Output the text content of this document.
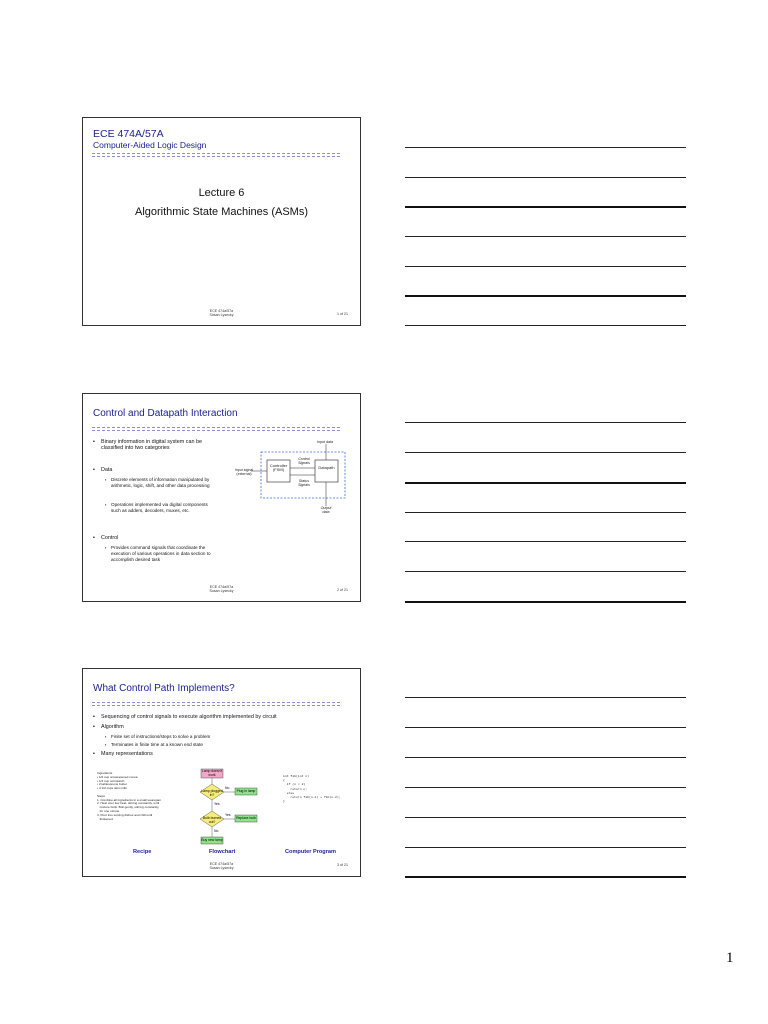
ECE 474A/57A
Computer-Aided Logic Design
Lecture 6
Algorithmic State Machines (ASMs)
ECE 474a/57a
Susan Lysecky	1 of 21
Control and Datapath Interaction
▪ Binary information in digital system can be classified into two categories
▪ Data
▪ Discrete elements of information manipulated by arithmetic, logic, shift, and other data processing
▪ Operations implemented via digital components such as adders, decoders, muxes, etc.
▪ Control
▪ Provides command signals that coordinate the execution of various operations in data section to accomplish desired task
Input data
Input signal (external)
Controller (FSM)	Datapath
Control Signals
Status Signals
Output data
ECE 474a/57a
Susan Lysecky	2 of 21
What Control Path Implements?
▪ Sequencing of control signals to execute algorithm implemented by circuit
▪ Algorithm
▪ Finite set of instructions/steps to solve a problem
▪ Terminates in finite time at a known end state
▪ Many representations
Ingredients
• 1/2 cup unsweetened cocoa
• 1/4 cup cornstarch
• 2 tablespoons butter
• 4 1/2 cups skim milk

Steps
1. Combine all ingredients in a small saucepan
2. Heat over low heat, stirring constantly, until
mixture boils. Boil gently, stirring constantly,
for one minute
3. Pour into serving dishes and chill until
thickened
Lamp doesn't work
Lamp plugged in?
Plug in lamp
Bulb burned out?
Replace bulb
Buy new lamp
No
Yes
Yes
No
int fib(int n)
{
if (n < 2)
return n;
else
return fib(n-1) + fib(n-2);
}
Recipe	Flowchart	Computer Program
ECE 474a/57a
Susan Lysecky
3 of 21
1
